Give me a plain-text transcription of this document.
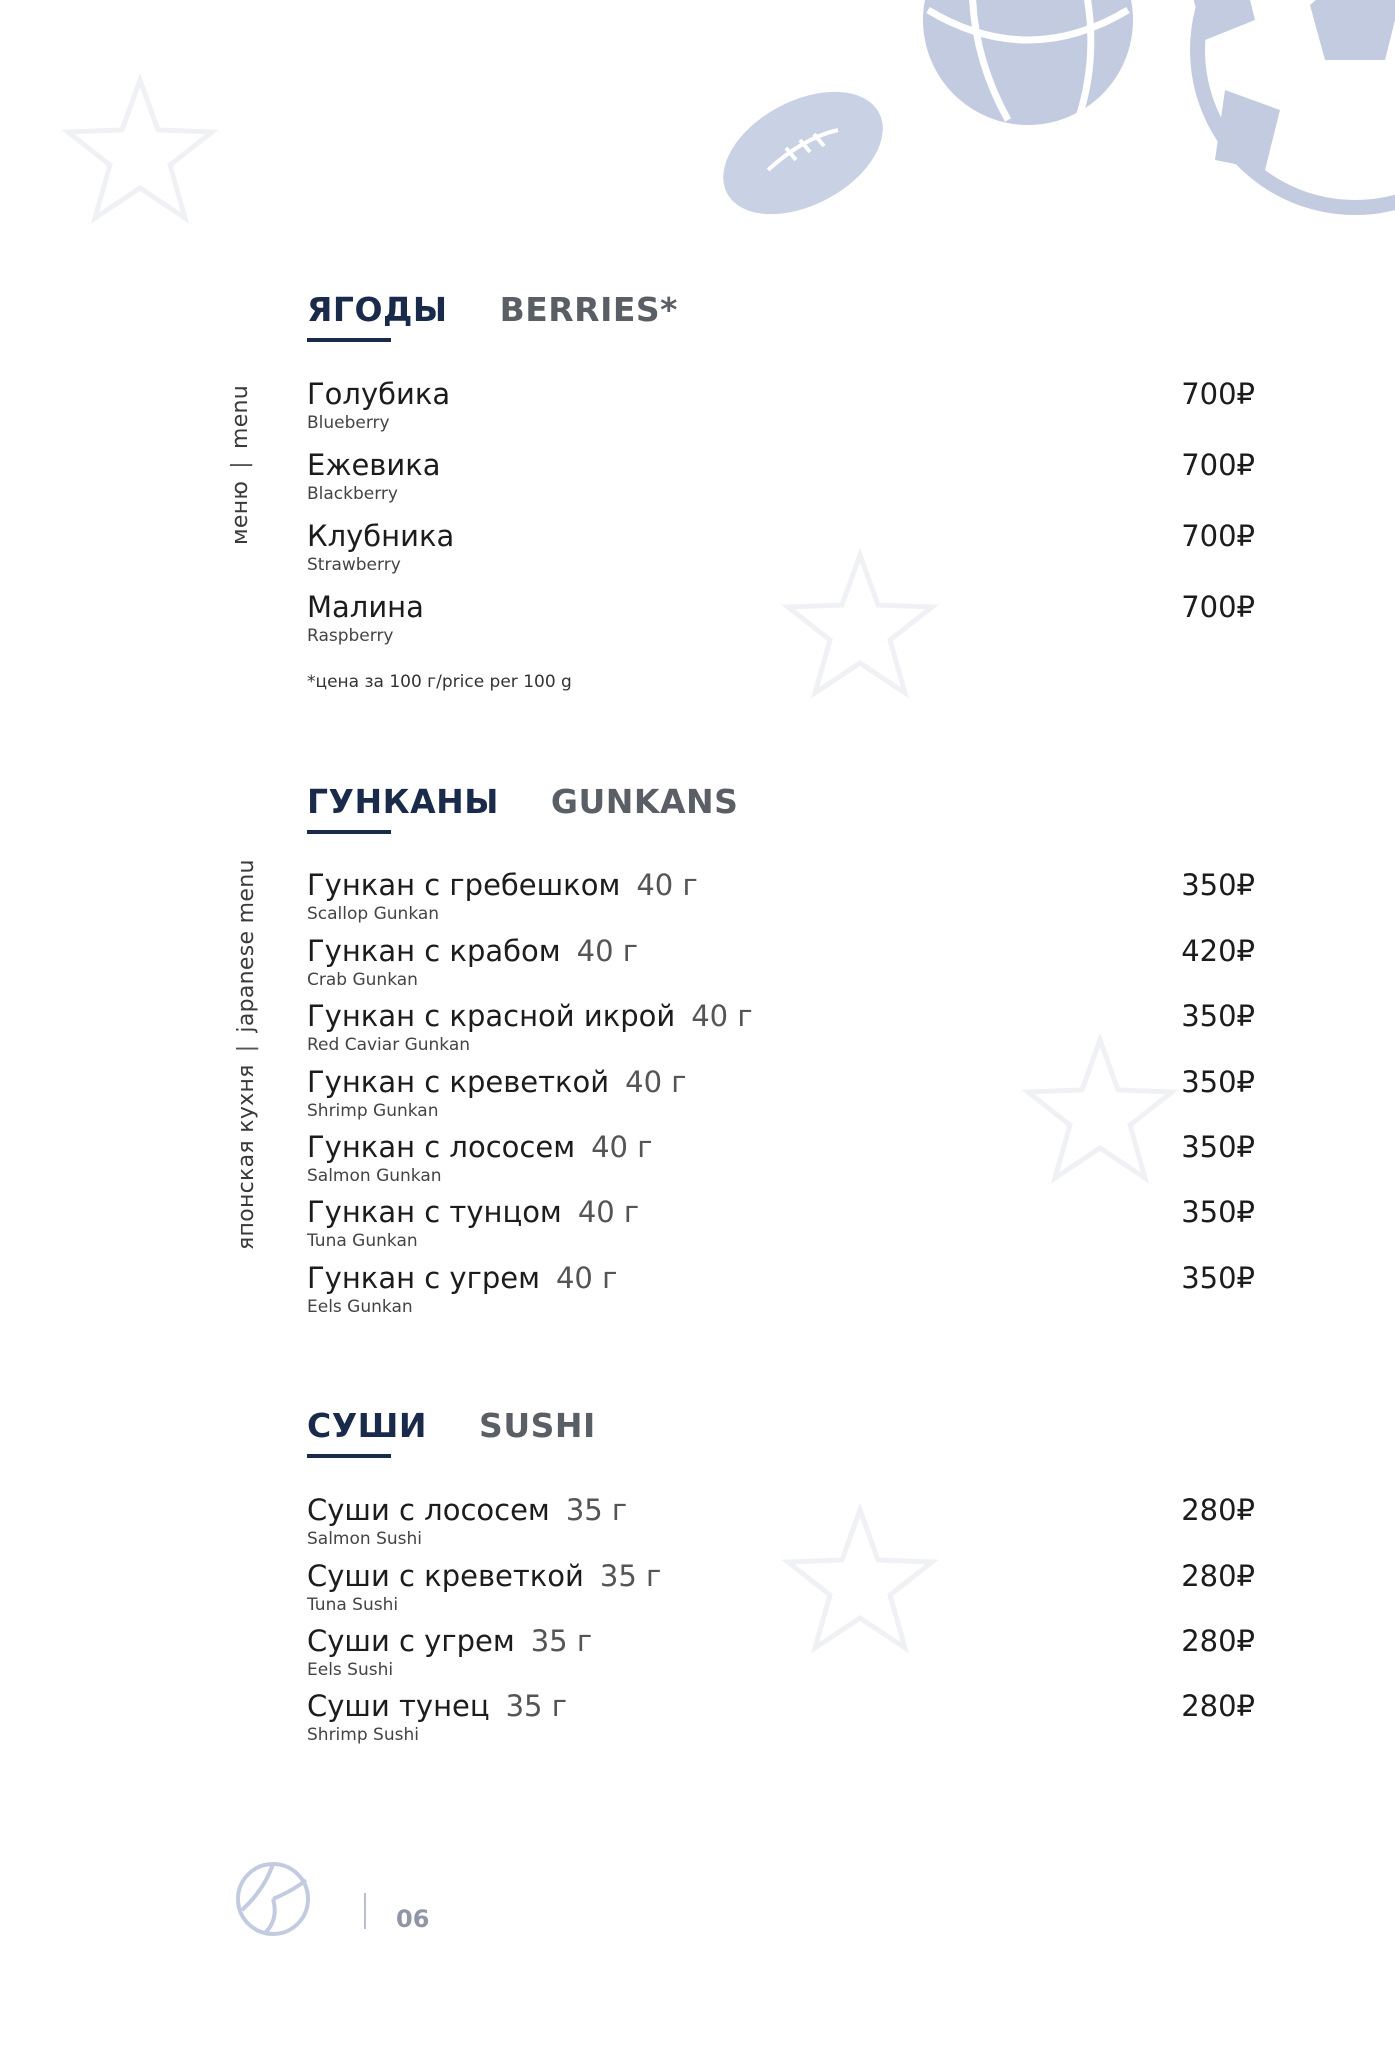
меню|menu
японская кухня|japanese menu
ЯГОДЫ BERRIES*
Голубика
Blueberry
700₽
Ежевика
Blackberry
700₽
Клубника
Strawberry
700₽
Малина
Raspberry
700₽
*цена за 100 г/price per 100 g
ГУНКАНЫ GUNKANS
Гункан с гребешком 40 г
Scallop Gunkan
350₽
Гункан с крабом 40 г
Crab Gunkan
420₽
Гункан с красной икрой 40 г
Red Caviar Gunkan
350₽
Гункан с креветкой 40 г
Shrimp Gunkan
350₽
Гункан с лососем 40 г
Salmon Gunkan
350₽
Гункан с тунцом 40 г
Tuna Gunkan
350₽
Гункан с угрем 40 г
Eels Gunkan
350₽
СУШИ SUSHI
Суши с лососем 35 г
Salmon Sushi
280₽
Суши с креветкой 35 г
Tuna Sushi
280₽
Суши с угрем 35 г
Eels Sushi
280₽
Суши тунец 35 г
Shrimp Sushi
280₽
06
